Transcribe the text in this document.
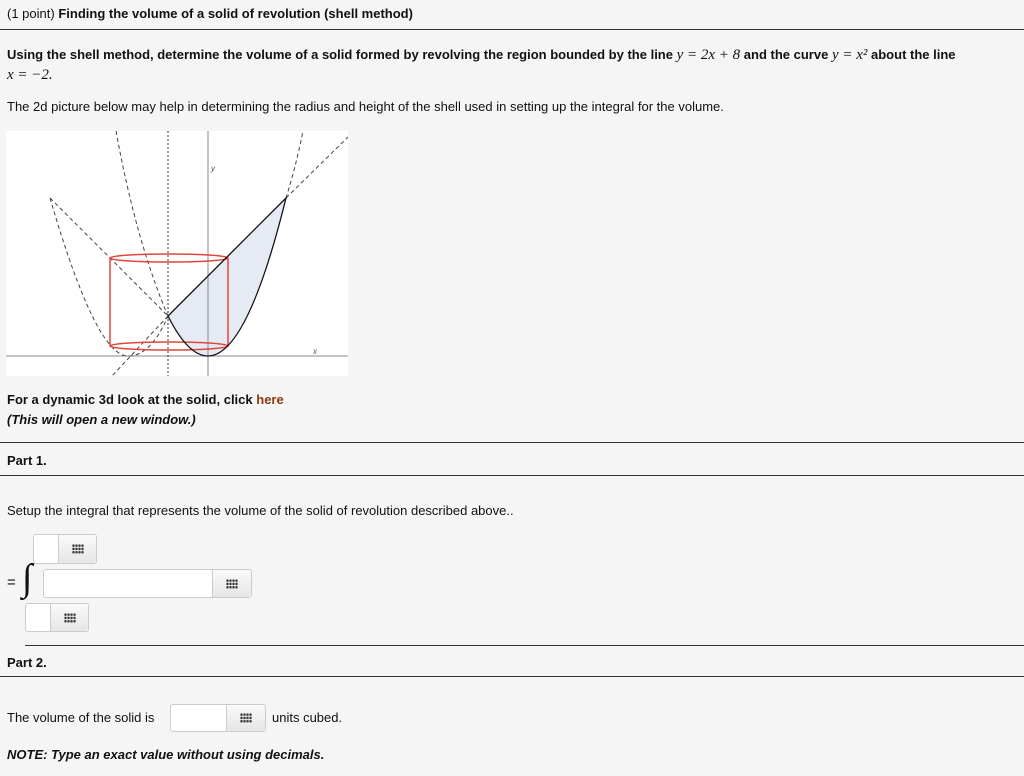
(1 point) Finding the volume of a solid of revolution (shell method)
Using the shell method, determine the volume of a solid formed by revolving the region bounded by the line y = 2x + 8 and the curve y = x² about the line
x = −2.
The 2d picture below may help in determining the radius and height of the shell used in setting up the integral for the volume.
y
x
For a dynamic 3d look at the solid, click here
(This will open a new window.)
Part 1.
Setup the integral that represents the volume of the solid of revolution described above..
= ∫
Part 2.
The volume of the solid is	units cubed.
NOTE: Type an exact value without using decimals.
